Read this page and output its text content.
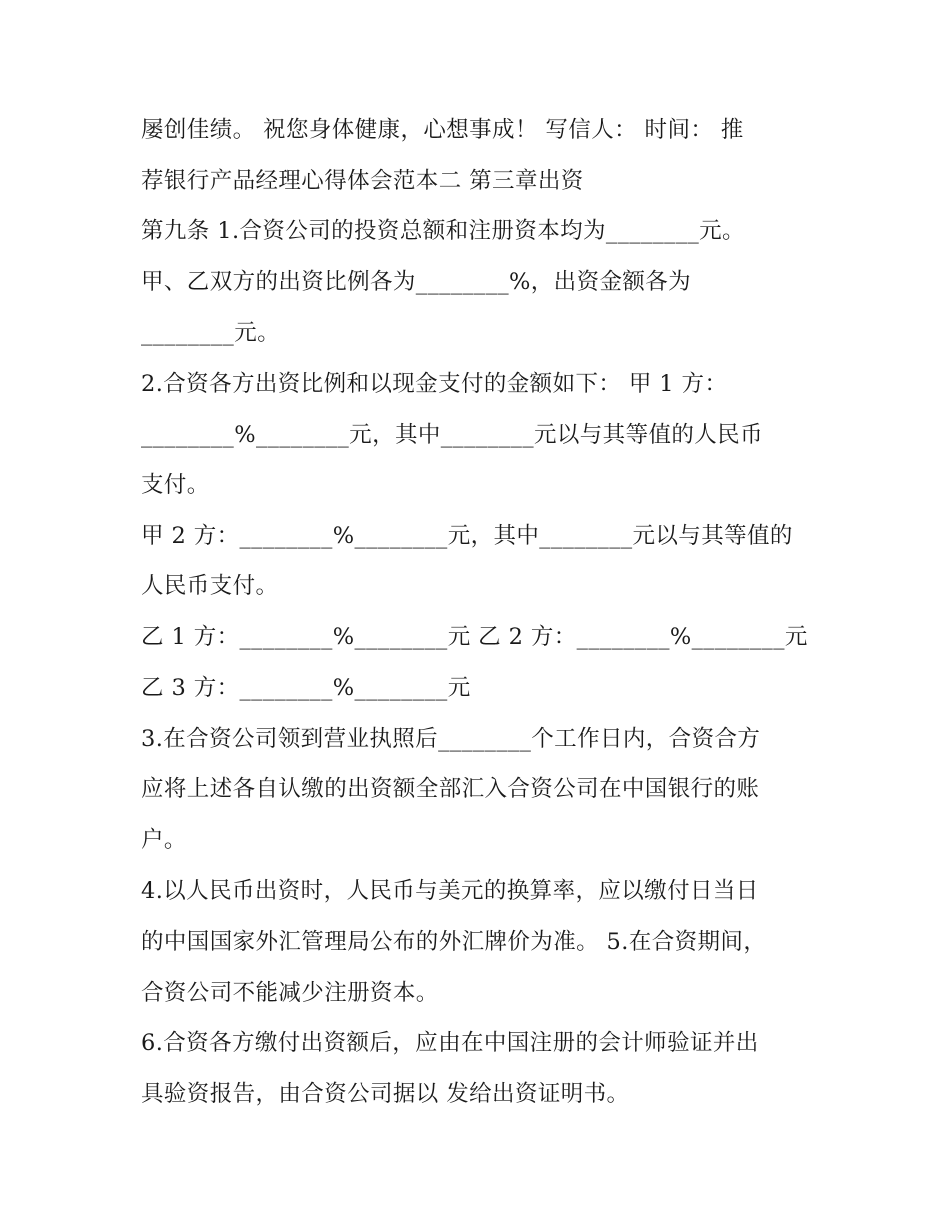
屡创佳绩。 祝您身体健康，心想事成！ 写信人： 时间： 推
荐银行产品经理心得体会范本二 第三章出资
第九条 1.合资公司的投资总额和注册资本均为________元。
甲、乙双方的出资比例各为________%，出资金额各为
________元。
2.合资各方出资比例和以现金支付的金额如下： 甲 1 方：
________%________元，其中________元以与其等值的人民币
支付。
甲 2 方：________%________元，其中________元以与其等值的
人民币支付。
乙 1 方：________%________元 乙 2 方：________%________元
乙 3 方：________%________元
3.在合资公司领到营业执照后________个工作日内，合资合方
应将上述各自认缴的出资额全部汇入合资公司在中国银行的账
户。
4.以人民币出资时，人民币与美元的换算率，应以缴付日当日
的中国国家外汇管理局公布的外汇牌价为准。 5.在合资期间，
合资公司不能减少注册资本。
6.合资各方缴付出资额后，应由在中国注册的会计师验证并出
具验资报告，由合资公司据以 发给出资证明书。
